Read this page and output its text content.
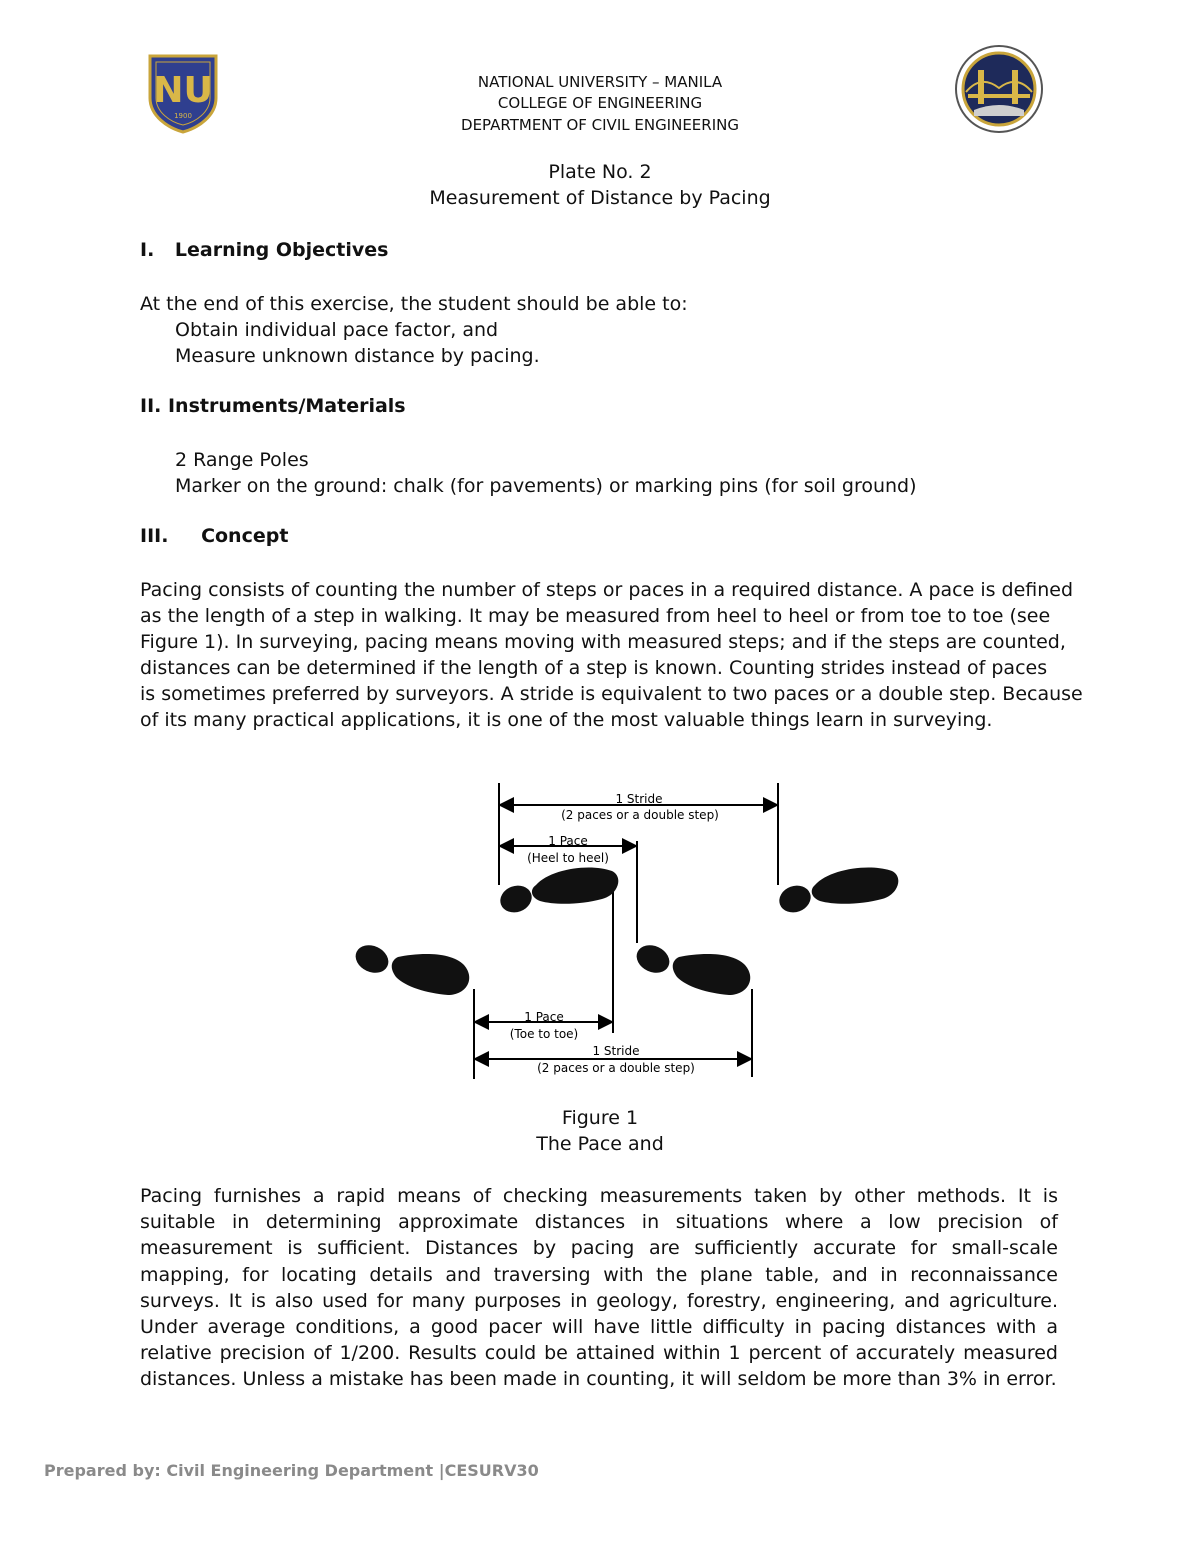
NU
1900
NATIONAL UNIVERSITY – MANILA
COLLEGE OF ENGINEERING
DEPARTMENT OF CIVIL ENGINEERING
Plate No. 2
Measurement of Distance by Pacing
I. Learning Objectives
At the end of this exercise, the student should be able to:
Obtain individual pace factor, and
Measure unknown distance by pacing.
II. Instruments/Materials
2 Range Poles
Marker on the ground: chalk (for pavements) or marking pins (for soil ground)
III. Concept
Pacing consists of counting the number of steps or paces in a required distance. A pace is defined
as the length of a step in walking. It may be measured from heel to heel or from toe to toe (see
Figure 1). In surveying, pacing means moving with measured steps; and if the steps are counted,
distances can be determined if the length of a step is known. Counting strides instead of paces
is sometimes preferred by surveyors. A stride is equivalent to two paces or a double step. Because
of its many practical applications, it is one of the most valuable things learn in surveying.
1 Stride
(2 paces or a double step)
1 Pace
(Heel to heel)
1 Pace
(Toe to toe)
1 Stride
(2 paces or a double step)
Figure 1
The Pace and
Pacing furnishes a rapid means of checking measurements taken by other methods. It is suitable in determining approximate distances in situations where a low precision of measurement is sufficient. Distances by pacing are sufficiently accurate for small-scale mapping, for locating details and traversing with the plane table, and in reconnaissance surveys. It is also used for many purposes in geology, forestry, engineering, and agriculture. Under average conditions, a good pacer will have little difficulty in pacing distances with a relative precision of 1/200. Results could be attained within 1 percent of accurately measured distances. Unless a mistake has been made in counting, it will seldom be more than 3% in error.
Prepared by: Civil Engineering Department |CESURV30
